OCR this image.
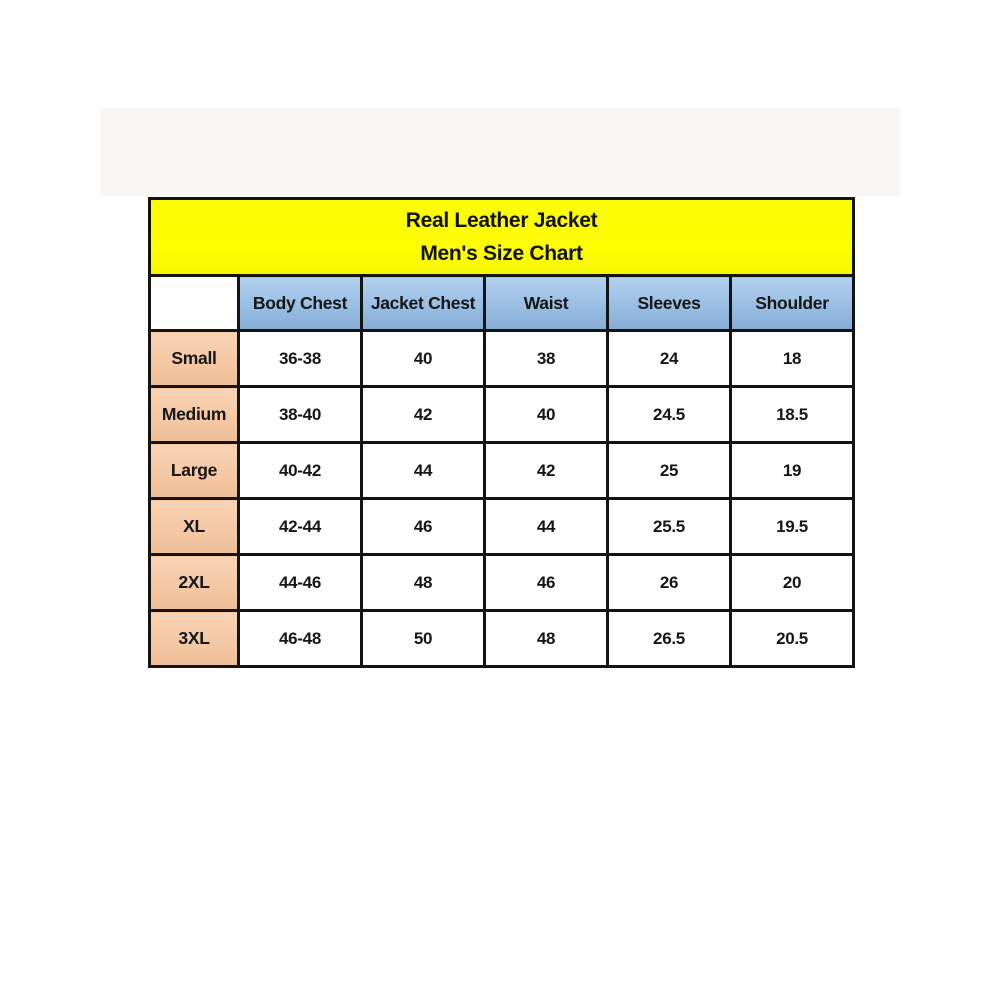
Real Leather Jacket
Men's Size Chart					

	Body Chest	Jacket Chest	Waist	Sleeves	Shoulder
Small	36-38	40	38	24	18
Medium	38-40	42	40	24.5	18.5
Large	40-42	44	42	25	19
XL	42-44	46	44	25.5	19.5
2XL	44-46	48	46	26	20
3XL	46-48	50	48	26.5	20.5
